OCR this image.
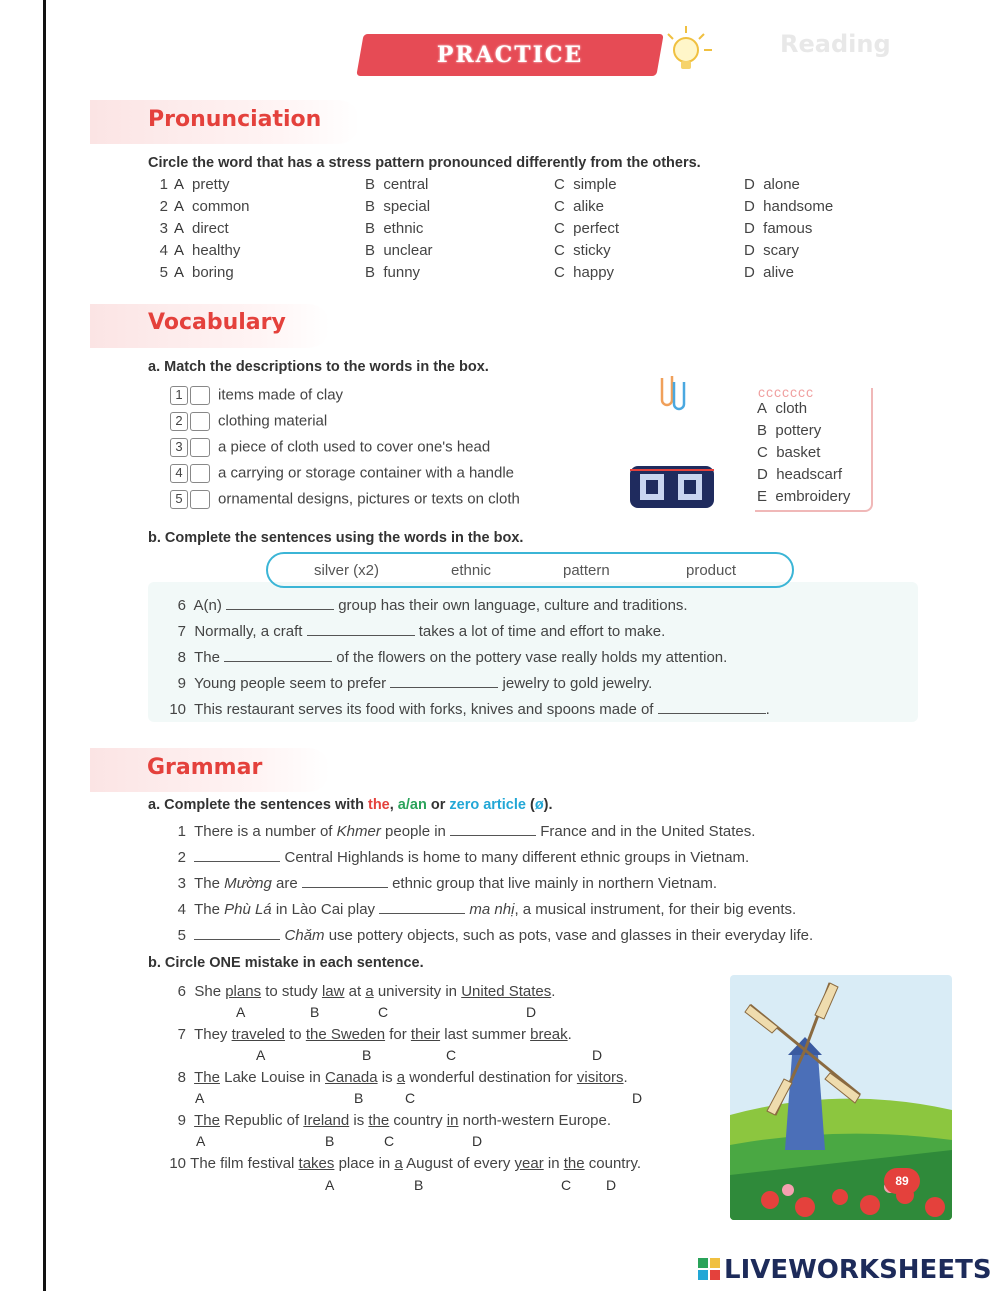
Reading
PRACTICE
Pronunciation
Circle the word that has a stress pattern pronounced differently from the others.
1 A pretty	B central	C simple	D alone
2 A common	B  special	C  alike	D  handsome
3 A direct	B  ethnic	C  perfect	D  famous
4 A healthy	B  unclear	C  sticky	D  scary
5 A boring	B  funny	C  happy	D  alive
Vocabulary
a. Match the descriptions to the words in the box.
1 items made of clay
2 clothing material
3 a piece of cloth used to cover one's head
4 a carrying or storage container with a handle
5 ornamental designs, pictures or texts on cloth
ᴄᴄᴄᴄᴄᴄᴄ
A cloth
B pottery
C basket
D headscarf
E embroidery
b. Complete the sentences using the words in the box.
silver (x2)	ethnic	pattern	product
6 A(n)	group has their own language, culture and traditions.
7 Normally, a craft	takes a lot of time and effort to make.
8 The	of the flowers on the pottery vase really holds my attention.
9 Young people seem to prefer	jewelry to gold jewelry.
10 This restaurant serves its food with forks, knives and spoons made of	.
Grammar
a. Complete the sentences with the, a/an or zero article (ø).
1 There is a number of Khmer people in	France and in the United States.
2	Central Highlands is home to many different ethnic groups in Vietnam.
3 The Mường are	ethnic group that live mainly in northern Vietnam.
4 The Phù Lá in Lào Cai play	ma nhị, a musical instrument, for their big events.
5	Chăm use pottery objects, such as pots, vase and glasses in their everyday life.
b. Circle ONE mistake in each sentence.
89
6 She plans to study law at a university in United States.
A	B	C	D
7 They traveled to the Sweden for their last summer break.
A	B	C	D
8 The Lake Louise in Canada is a wonderful destination for visitors.
A	B	C	D
9 The Republic of Ireland is the country in north-western Europe.
A	B	C	D
10 The film festival takes place in a August of every year in the country.
A	B	C D
LIVEWORKSHEETS
